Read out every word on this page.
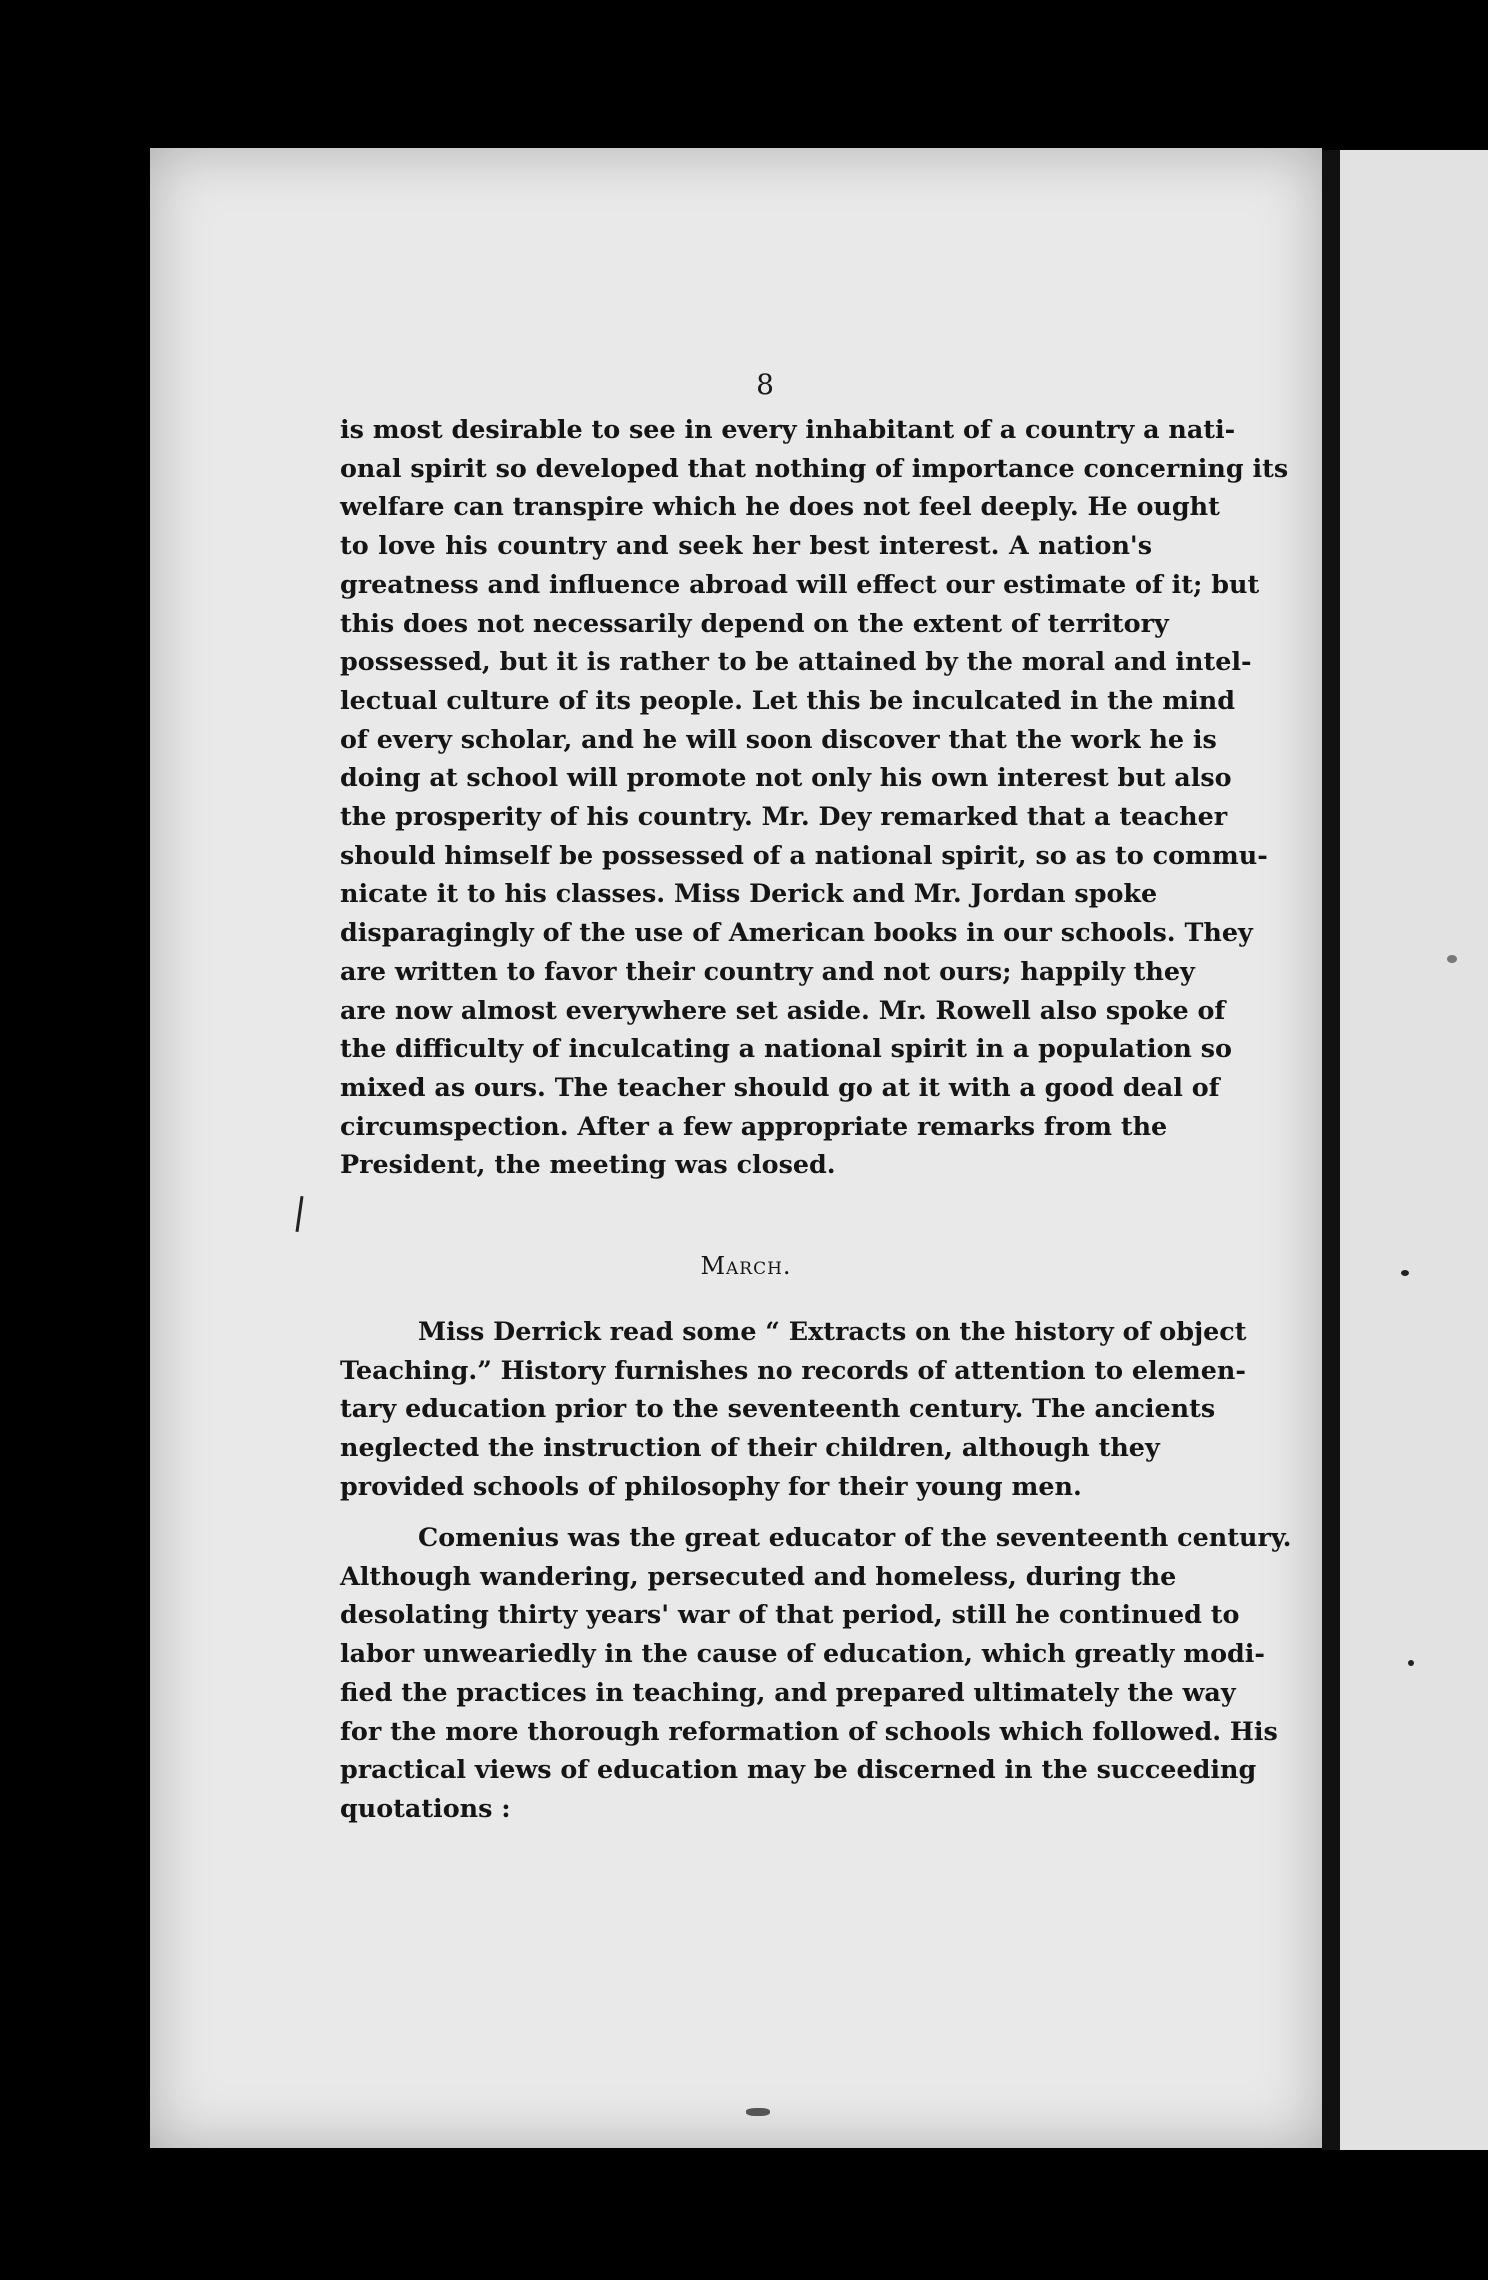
8

is most desirable to see in every inhabitant of a country a nati-
onal spirit so developed that nothing of importance concerning its
welfare can transpire which he does not feel deeply. He ought
to love his country and seek her best interest. A nation's
greatness and influence abroad will effect our estimate of it; but
this does not necessarily depend on the extent of territory
possessed, but it is rather to be attained by the moral and intel-
lectual culture of its people. Let this be inculcated in the mind
of every scholar, and he will soon discover that the work he is
doing at school will promote not only his own interest but also
the prosperity of his country. Mr. Dey remarked that a teacher
should himself be possessed of a national spirit, so as to commu-
nicate it to his classes. Miss Derick and Mr. Jordan spoke
disparagingly of the use of American books in our schools. They
are written to favor their country and not ours; happily they
are now almost everywhere set aside. Mr. Rowell also spoke of
the difficulty of inculcating a national spirit in a population so
mixed as ours. The teacher should go at it with a good deal of
circumspection. After a few appropriate remarks from the
President, the meeting was closed.

March.

Miss Derrick read some “ Extracts on the history of object
Teaching.” History furnishes no records of attention to elemen-
tary education prior to the seventeenth century. The ancients
neglected the instruction of their children, although they
provided schools of philosophy for their young men.

Comenius was the great educator of the seventeenth century.
Although wandering, persecuted and homeless, during the
desolating thirty years' war of that period, still he continued to
labor unweariedly in the cause of education, which greatly modi-
fied the practices in teaching, and prepared ultimately the way
for the more thorough reformation of schools which followed. His
practical views of education may be discerned in the succeeding
quotations :
